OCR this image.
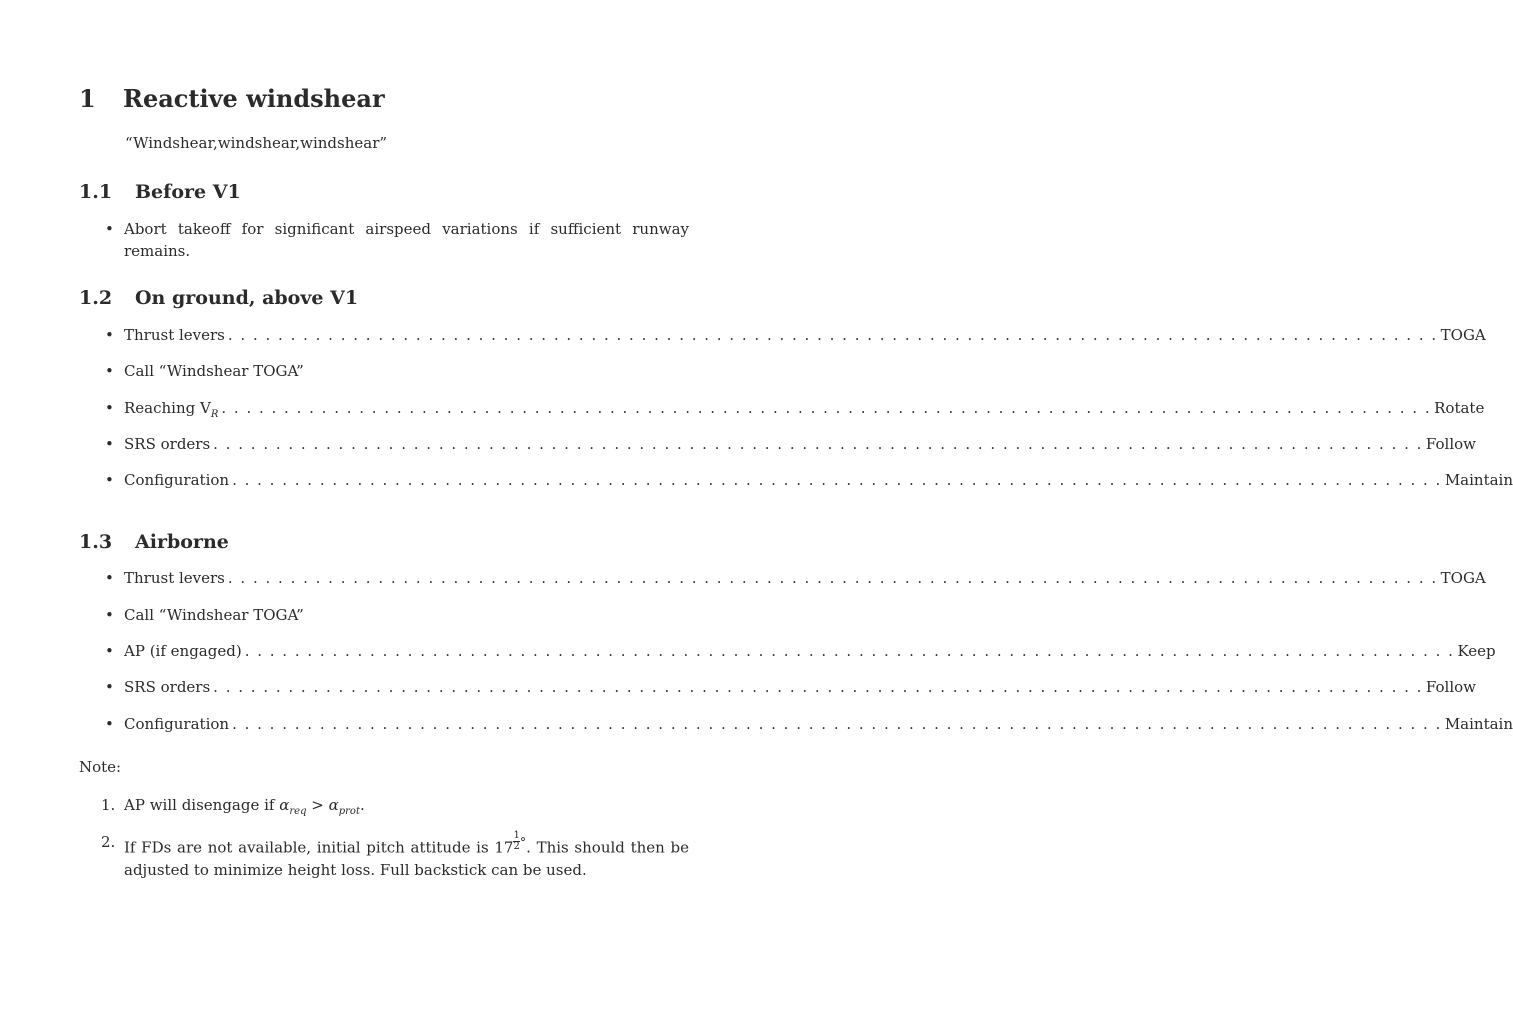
1 Reactive windshear
“Windshear,windshear,windshear”
1.1 Before V1
• Abort takeoff for significant airspeed variations if sufficient runway remains.
1.2 On ground, above V1
• Thrust levers . . . . . . . . . . . . . . . . . . . . . . . . . . . . . . . . . . . . . . . . . . . . . . . . . . . . . . . . . . . . . . . . . . . . . . . . . . . . . . . . . . . . . . . . . . . . . . . . . TOGA
• Call “Windshear TOGA”
• Reaching $V_R$ . . . . . . . . . . . . . . . . . . . . . . . . . . . . . . . . . . . . . . . . . . . . . . . . . . . . . . . . . . . . . . . . . . . . . . . . . . . . . . . . . . . . . . . . . . . . . . . . . Rotate
• SRS orders . . . . . . . . . . . . . . . . . . . . . . . . . . . . . . . . . . . . . . . . . . . . . . . . . . . . . . . . . . . . . . . . . . . . . . . . . . . . . . . . . . . . . . . . . . . . . . . . . Follow
• Configuration . . . . . . . . . . . . . . . . . . . . . . . . . . . . . . . . . . . . . . . . . . . . . . . . . . . . . . . . . . . . . . . . . . . . . . . . . . . . . . . . . . . . . . . . . . . . . . . . . Maintain
1.3 Airborne
• Thrust levers . . . . . . . . . . . . . . . . . . . . . . . . . . . . . . . . . . . . . . . . . . . . . . . . . . . . . . . . . . . . . . . . . . . . . . . . . . . . . . . . . . . . . . . . . . . . . . . . . TOGA
• Call “Windshear TOGA”
• AP (if engaged) . . . . . . . . . . . . . . . . . . . . . . . . . . . . . . . . . . . . . . . . . . . . . . . . . . . . . . . . . . . . . . . . . . . . . . . . . . . . . . . . . . . . . . . . . . . . . . . . . Keep
• SRS orders . . . . . . . . . . . . . . . . . . . . . . . . . . . . . . . . . . . . . . . . . . . . . . . . . . . . . . . . . . . . . . . . . . . . . . . . . . . . . . . . . . . . . . . . . . . . . . . . . Follow
• Configuration . . . . . . . . . . . . . . . . . . . . . . . . . . . . . . . . . . . . . . . . . . . . . . . . . . . . . . . . . . . . . . . . . . . . . . . . . . . . . . . . . . . . . . . . . . . . . . . . . Maintain
Note:
1. AP will disengage if $\alpha_{req} > \alpha_{prot}$.
2. If FDs are not available, initial pitch attitude is $17 \frac{1}{2} ^\circ$. This should then be adjusted to minimize height loss. Full backstick can be used.
